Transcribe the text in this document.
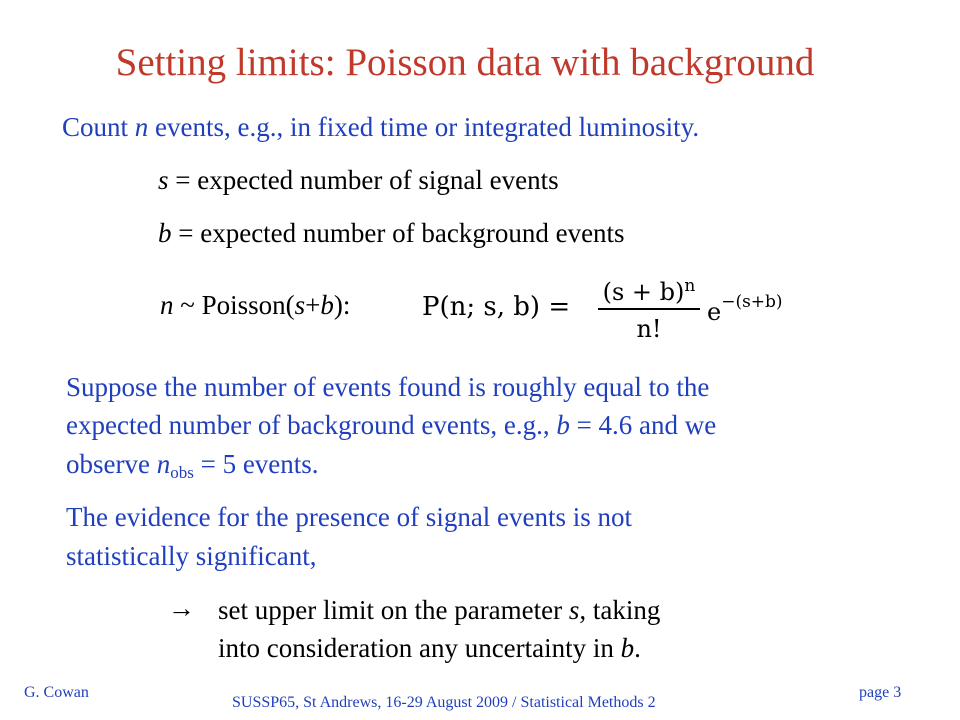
Setting limits: Poisson data with background
Count n events, e.g., in fixed time or integrated luminosity.
s = expected number of signal events
b = expected number of background events
n ~ Poisson(s+b):	P(n; s, b) =	$(s + b)^n$
n!
$e^{-(s+b)}$
Suppose the number of events found is roughly equal to the
expected number of background events, e.g., b = 4.6 and we
observe $n_{obs} = 5$ events.
The evidence for the presence of signal events is not
statistically significant,
→ set upper limit on the parameter s, taking
into consideration any uncertainty in b.
G. Cowan
SUSSP65, St Andrews, 16-29 August 2009 / Statistical Methods 2
page 3
